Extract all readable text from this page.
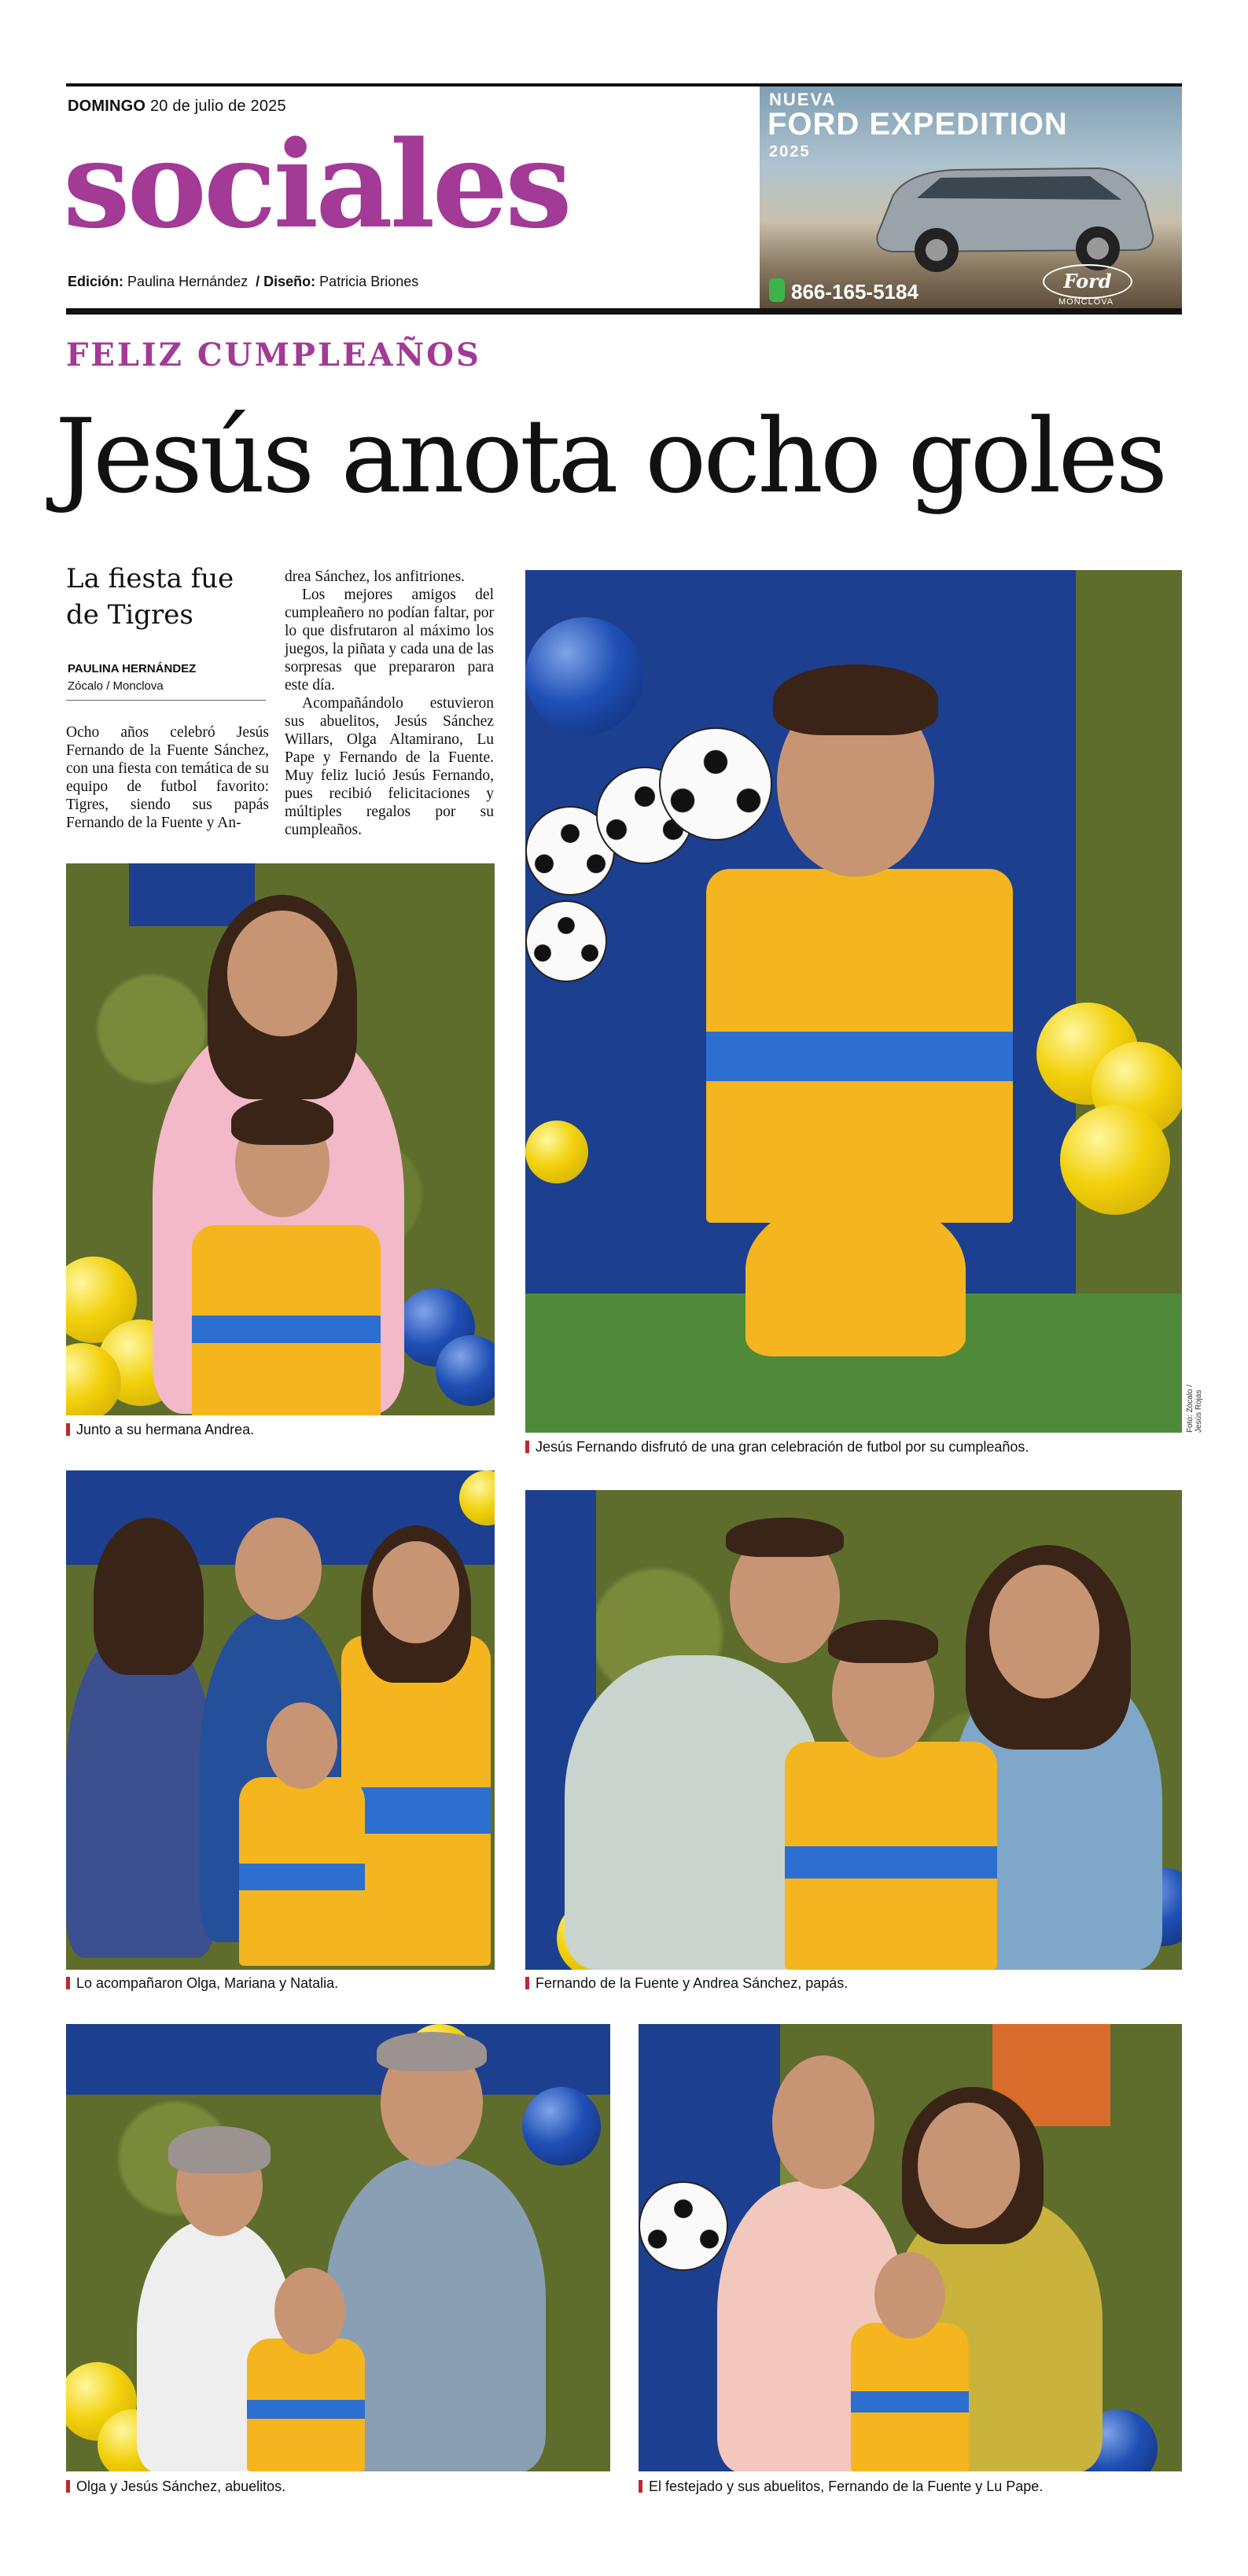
DOMINGO 20 de julio de 2025
sociales
Edición: Paulina Hernández / Diseño: Patricia Briones
NUEVA
FORD EXPEDITION
2025
866-165-5184	Ford
MONCLOVA
FELIZ CUMPLEAÑOS
Jesús anota ocho goles
La fiesta fue de Tigres
PAULINA HERNÁNDEZ
Zócalo / Monclova

Ocho años celebró Jesús Fernando de la Fuente Sánchez, con una fiesta con temática de su equipo de futbol favorito: Tigres, siendo sus papás Fernando de la Fuente y An-

drea Sánchez, los anfitriones.

Los mejores amigos del cumpleañero no podían faltar, por lo que disfrutaron al máximo los juegos, la piñata y cada una de las sorpresas que prepararon para este día.

Acompañándolo estuvieron sus abuelitos, Jesús Sánchez Willars, Olga Altamirano, Lu Pape y Fernando de la Fuente. Muy feliz lució Jesús Fernando, pues recibió felicitaciones y múltiples regalos por su cumpleaños.

Junto a su hermana Andrea.
Jesús Fernando disfrutó de una gran celebración de futbol por su cumpleaños.
Foto: Zócalo / Jesús Rojas
Lo acompañaron Olga, Mariana y Natalia.	Fernando de la Fuente y Andrea Sánchez, papás.
Olga y Jesús Sánchez, abuelitos.	El festejado y sus abuelitos, Fernando de la Fuente y Lu Pape.
